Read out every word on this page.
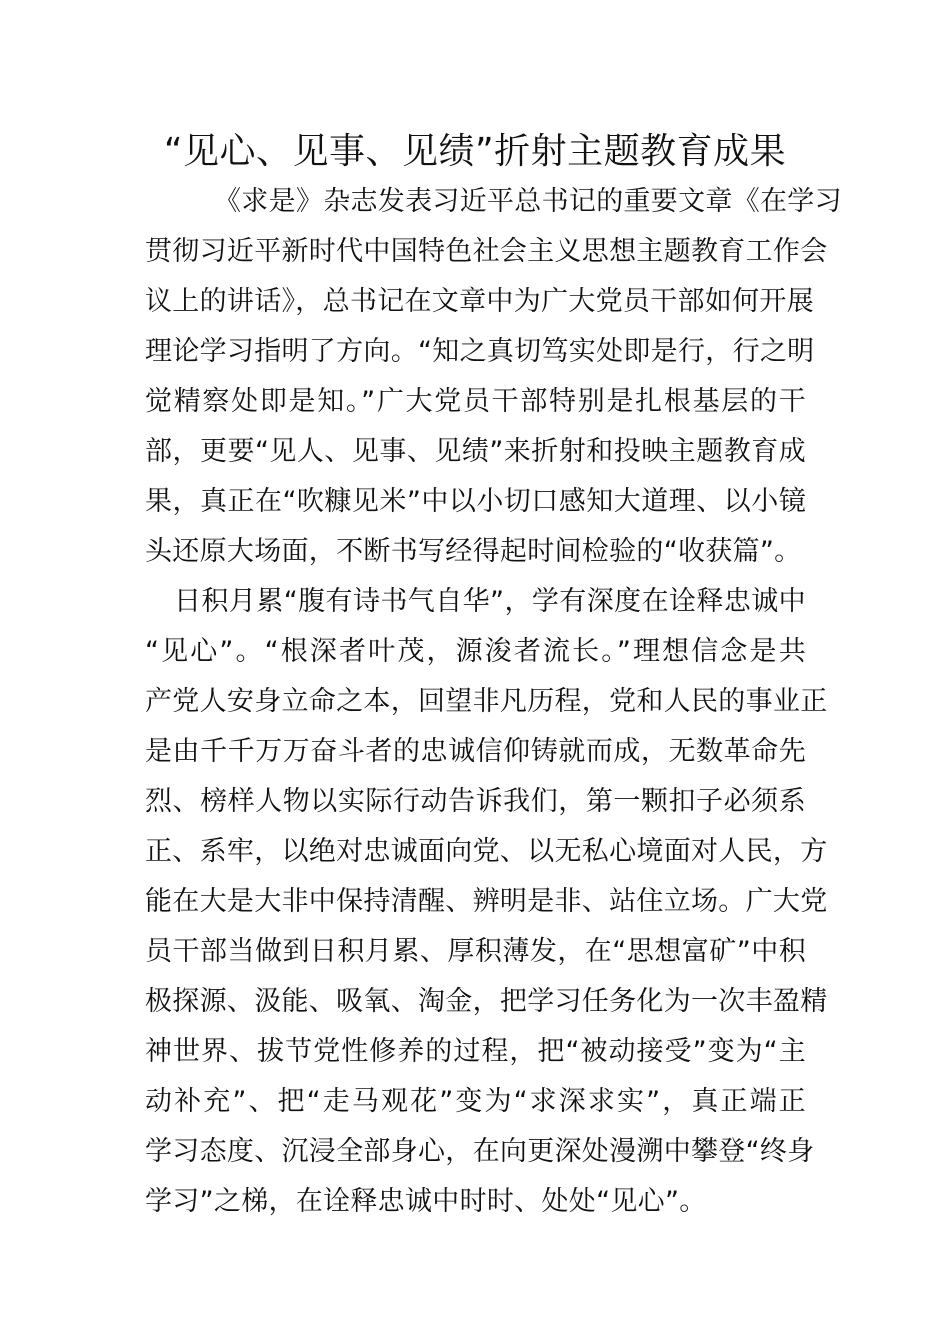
“见心、见事、见绩”折射主题教育成果
《求是》杂志发表习近平总书记的重要文章《在学习
贯彻习近平新时代中国特色社会主义思想主题教育工作会
议上的讲话》，总书记在文章中为广大党员干部如何开展
理论学习指明了方向。“知之真切笃实处即是行，行之明
觉精察处即是知。”广大党员干部特别是扎根基层的干
部，更要“见人、见事、见绩”来折射和投映主题教育成
果，真正在“吹糠见米”中以小切口感知大道理、以小镜
头还原大场面，不断书写经得起时间检验的“收获篇”。
日积月累“腹有诗书气自华”，学有深度在诠释忠诚中
“见心”。“根深者叶茂，源浚者流长。”理想信念是共
产党人安身立命之本，回望非凡历程，党和人民的事业正
是由千千万万奋斗者的忠诚信仰铸就而成，无数革命先
烈、榜样人物以实际行动告诉我们，第一颗扣子必须系
正、系牢，以绝对忠诚面向党、以无私心境面对人民，方
能在大是大非中保持清醒、辨明是非、站住立场。广大党
员干部当做到日积月累、厚积薄发，在“思想富矿”中积
极探源、汲能、吸氧、淘金，把学习任务化为一次丰盈精
神世界、拔节党性修养的过程，把“被动接受”变为“主
动补充”、把“走马观花”变为“求深求实”，真正端正
学习态度、沉浸全部身心，在向更深处漫溯中攀登“终身
学习”之梯，在诠释忠诚中时时、处处“见心”。
